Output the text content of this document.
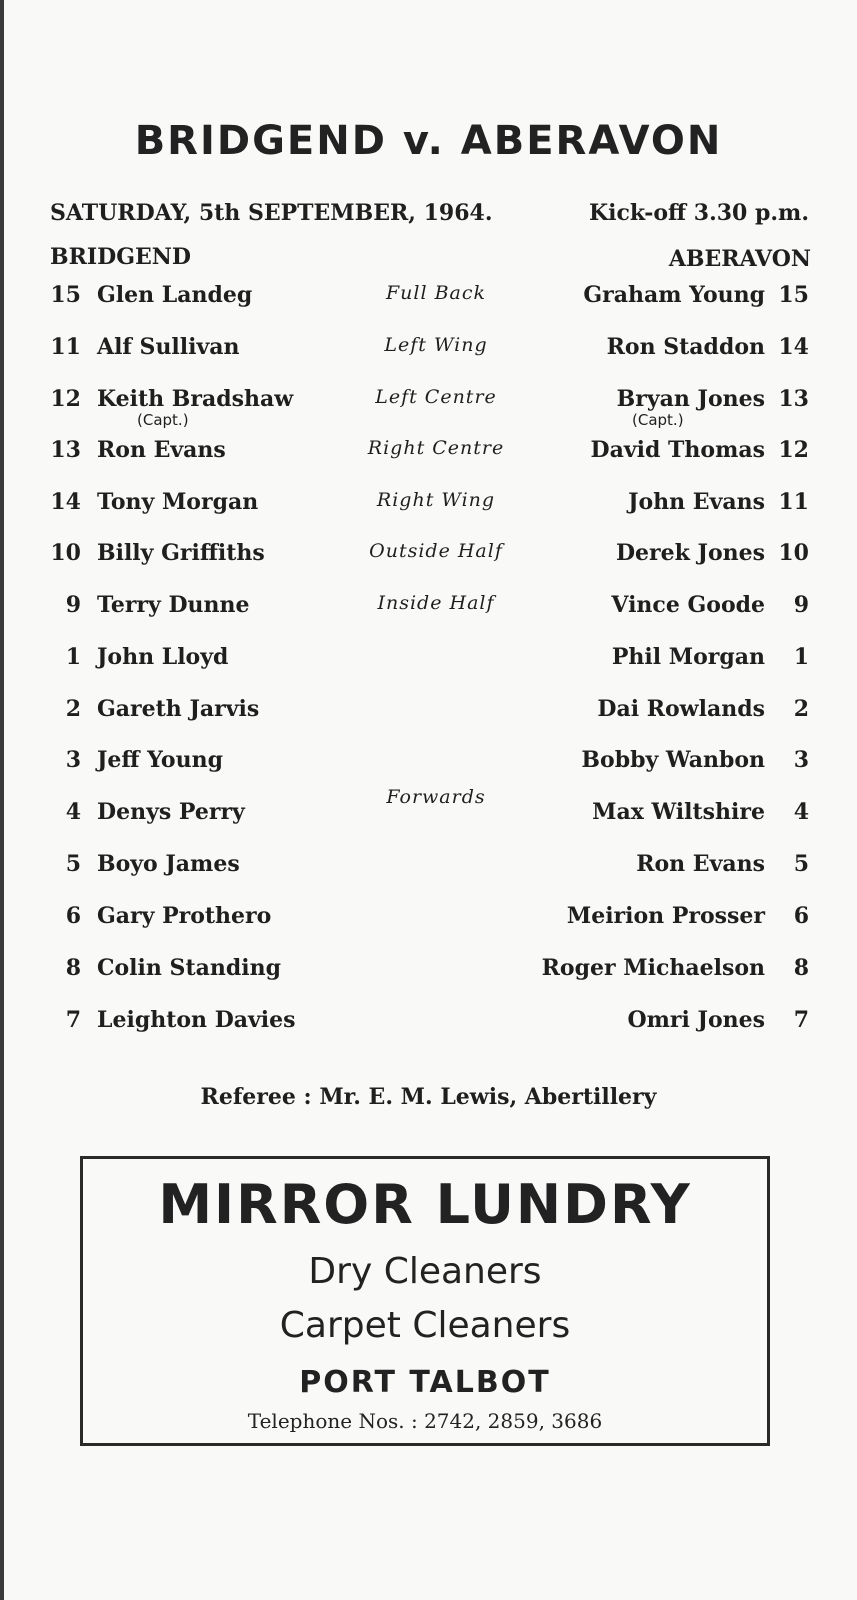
BRIDGEND v. ABERAVON
SATURDAY, 5th SEPTEMBER, 1964.	Kick-off 3.30 p.m.
BRIDGEND	ABERAVON
15 Glen Landeg	Full Back	Graham Young 15
11 Alf Sullivan	Left Wing	Ron Staddon 14
12 Keith Bradshaw	Left Centre	Bryan Jones 13
13 Ron Evans	Right Centre	David Thomas 12
14 Tony Morgan	Right Wing	John Evans 11
10 Billy Griffiths	Outside Half	Derek Jones 10
9 Terry Dunne	Inside Half	Vince Goode 9
1 John Lloyd	Phil Morgan 1
2 Gareth Jarvis	Dai Rowlands 2
3 Jeff Young	Bobby Wanbon 3
4 Denys Perry	Max Wiltshire 4
5 Boyo James	Ron Evans 5
6 Gary Prothero	Meirion Prosser 6
8 Colin Standing	Roger Michaelson 8
7 Leighton Davies	Omri Jones 7
(Capt.)	(Capt.)
Forwards
Referee : Mr. E. M. Lewis, Abertillery
MIRROR LUNDRY
Dry Cleaners
Carpet Cleaners
PORT TALBOT
Telephone Nos. : 2742, 2859, 3686
